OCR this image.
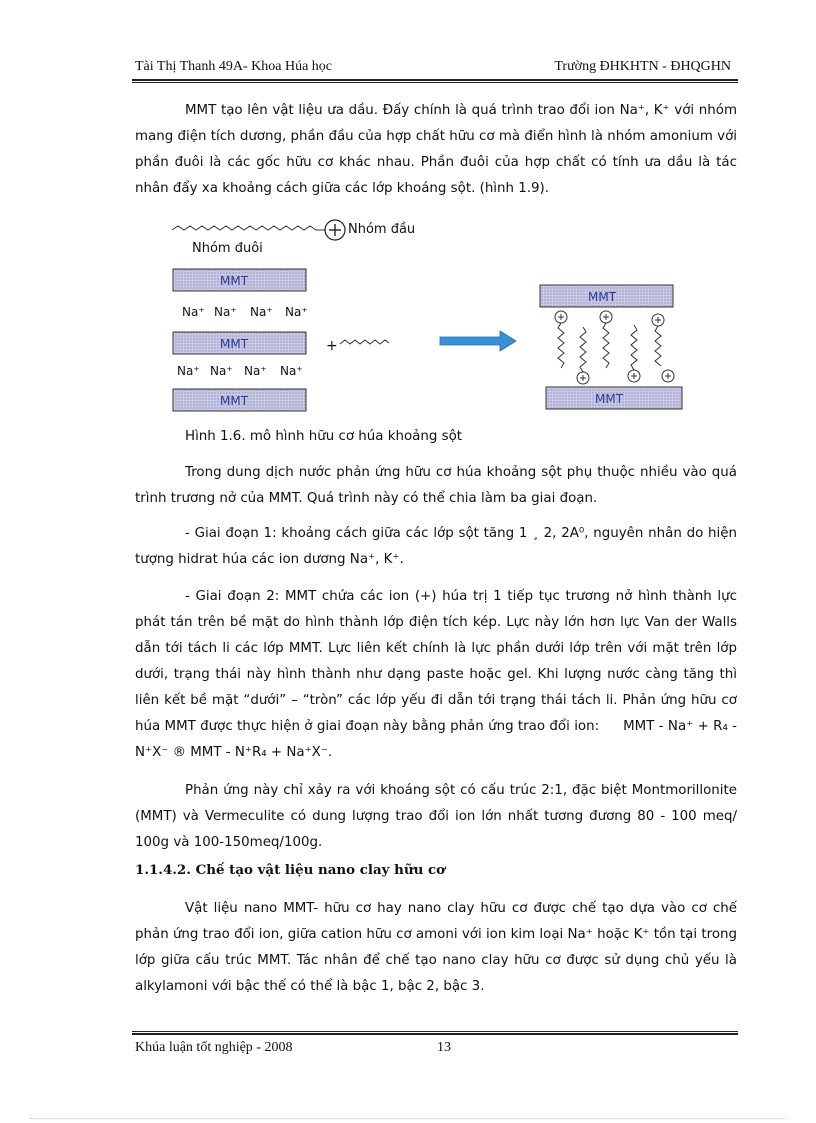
Tài Thị Thanh 49A- Khoa Húa học	Trường ĐHKHTN - ĐHQGHN

MMT tạo lên vật liệu ưa dầu. Đấy chính là quá trình trao đổi ion Na⁺, K⁺ với nhóm mang điện tích dương, phần đầu của hợp chất hữu cơ mà điển hình là nhóm amonium với phần đuôi là các gốc hữu cơ khác nhau. Phần đuôi của hợp chất có tính ưa dầu là tác nhân đẩy xa khoảng cách giữa các lớp khoáng sột. (hình 1.9).

Nhóm đầu
Nhóm đuôi
MMT
Na⁺ Na⁺ Na⁺ Na⁺
MMT
Na⁺ Na⁺ Na⁺ Na⁺
MMT
+
MMT
MMT
Hình 1.6. mô hình hữu cơ húa khoảng sột

Trong dung dịch nước phản ứng hữu cơ húa khoảng sột phụ thuộc nhiều vào quá trình trương nở của MMT. Quá trình này có thể chia làm ba giai đoạn.

- Giai đoạn 1: khoảng cách giữa các lớp sột tăng 1 ¸ 2, 2A⁰, nguyên nhân do hiện tượng hidrat húa các ion dương Na⁺, K⁺.

- Giai đoạn 2: MMT chứa các ion (+) húa trị 1 tiếp tục trương nở hình thành lực phát tán trên bề mặt do hình thành lớp điện tích kép. Lực này lớn hơn lực Van der Walls dẫn tới tách li các lớp MMT. Lực liên kết chính là lực phần dưới lớp trên với mặt trên lớp dưới, trạng thái này hình thành như dạng paste hoặc gel. Khi lượng nước càng tăng thì liên kết bề mặt “dưới” – “tròn” các lớp yếu đi dẫn tới trạng thái tách li. Phản ứng hữu cơ húa MMT được thực hiện ở giai đoạn này bằng phản ứng trao đổi ion: MMT - Na⁺ + R₄ - N⁺X⁻ ® MMT - N⁺R₄ + Na⁺X⁻.

Phản ứng này chỉ xảy ra với khoáng sột có cấu trúc 2:1, đặc biệt Montmorillonite (MMT) và Vermeculite có dung lượng trao đổi ion lớn nhất tương đương 80 - 100 meq/ 100g và 100-150meq/100g.

1.1.4.2. Chế tạo vật liệu nano clay hữu cơ

Vật liệu nano MMT- hữu cơ hay nano clay hữu cơ được chế tạo dựa vào cơ chế phản ứng trao đổi ion, giữa cation hữu cơ amoni với ion kim loại Na⁺ hoặc K⁺ tồn tại trong lớp giữa cấu trúc MMT. Tác nhân để chế tạo nano clay hữu cơ được sử dụng chủ yếu là alkylamoni với bậc thế có thể là bậc 1, bậc 2, bậc 3.

Khúa luận tốt nghiệp - 2008	13
